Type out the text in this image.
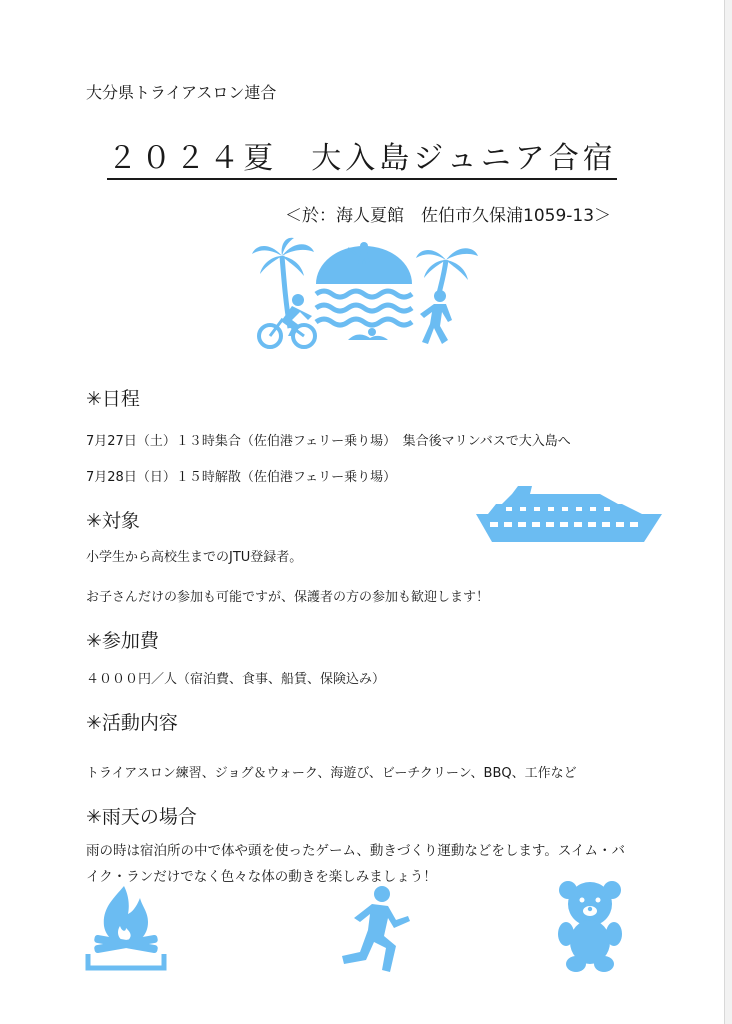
大分県トライアスロン連合
２０２４夏　大入島ジュニア合宿
＜於：海人夏館　佐伯市久保浦1059-13＞
✳日程
7月27日（土）１３時集合（佐伯港フェリー乗り場）　集合後マリンバスで大入島へ
7月28日（日）１５時解散（佐伯港フェリー乗り場）
✳対象
小学生から高校生までのJTU登録者。
お子さんだけの参加も可能ですが、保護者の方の参加も歓迎します！
✳参加費
４０００円／人（宿泊費、食事、船賃、保険込み）
✳活動内容
トライアスロン練習、ジョグ＆ウォーク、海遊び、ビーチクリーン、BBQ、工作など
✳雨天の場合
雨の時は宿泊所の中で体や頭を使ったゲーム、動きづくり運動などをします。スイム・バイク・ランだけでなく色々な体の動きを楽しみましょう！
